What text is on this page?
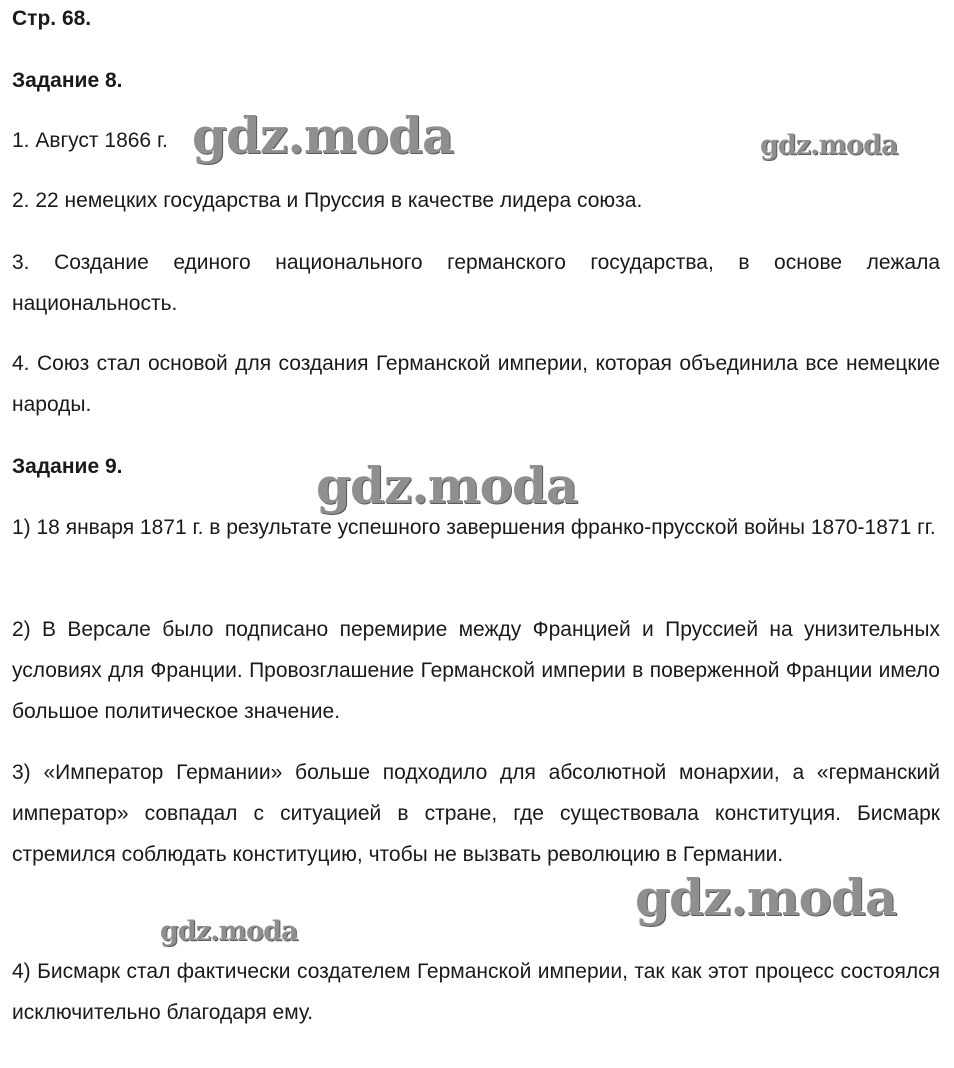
Стр. 68.
Задание 8.
1. Август 1866 г.
2. 22 немецких государства и Пруссия в качестве лидера союза.
3. Создание единого национального германского государства, в основе лежала национальность.
4. Союз стал основой для создания Германской империи, которая объединила все немецкие народы.
Задание 9.
1) 18 января 1871 г. в результате успешного завершения франко-прусской войны 1870-1871 гг.
2) В Версале было подписано перемирие между Францией и Пруссией на унизительных условиях для Франции. Провозглашение Германской империи в поверженной Франции имело большое политическое значение.
3) «Император Германии» больше подходило для абсолютной монархии, а «германский император» совпадал с ситуацией в стране, где существовала конституция. Бисмарк стремился соблюдать конституцию, чтобы не вызвать революцию в Германии.
4) Бисмарк стал фактически создателем Германской империи, так как этот процесс состоялся исключительно благодаря ему.
gdz.moda	gdz.moda
gdz.moda
gdz.moda
gdz.moda
